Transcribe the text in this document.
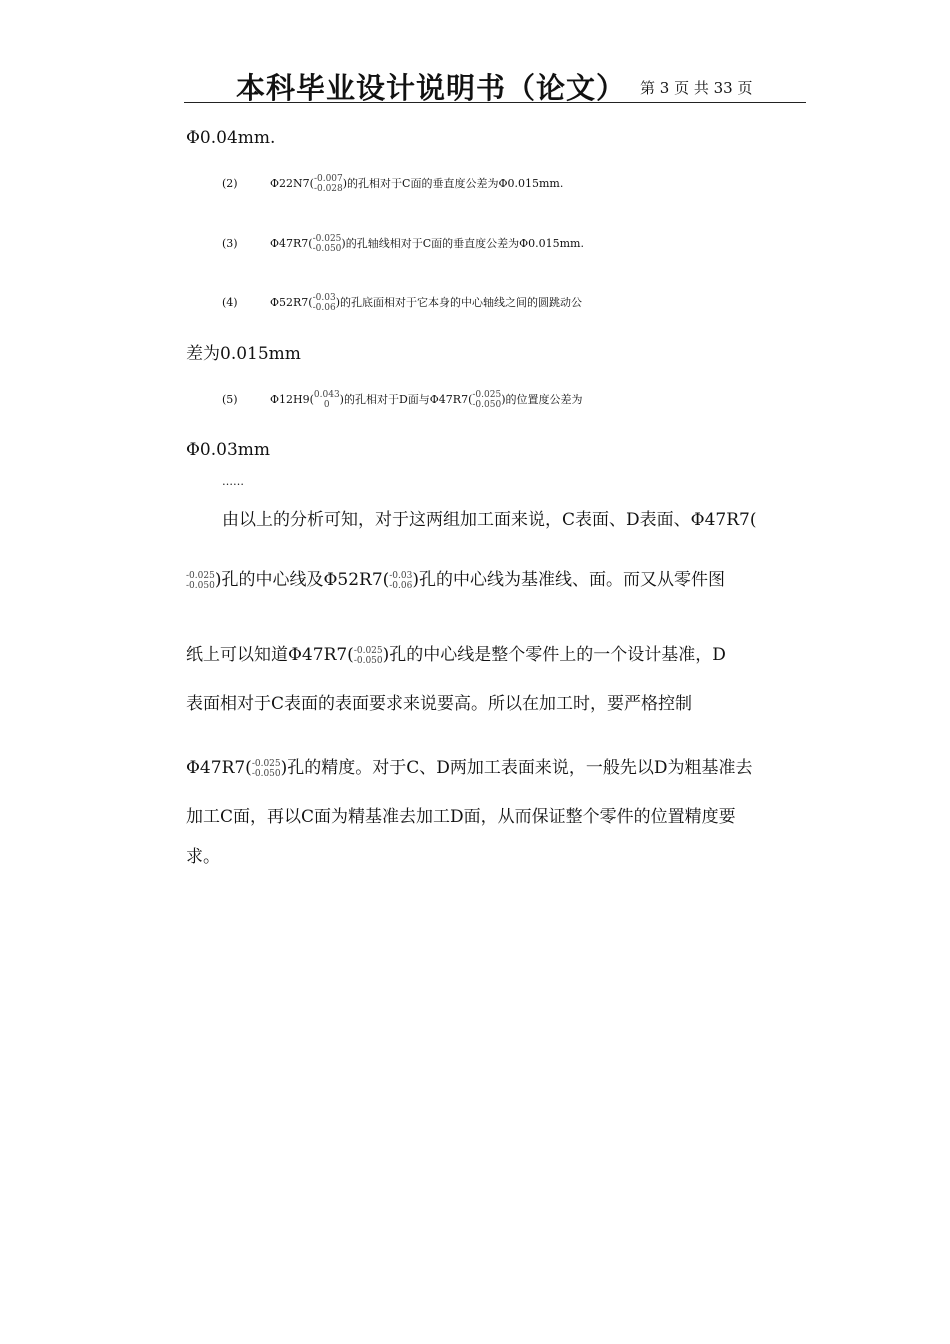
本科毕业设计说明书（论文） 第 3 页 共 33 页
Φ0.04mm.
(2)	Φ22N7( -0.007
-0.028 )的孔相对于C面的垂直度公差为Φ0.015mm.
(3)	Φ47R7( -0.025
-0.050 )的孔轴线相对于C面的垂直度公差为Φ0.015mm.
(4)	Φ52R7( -0.03
-0.06 )的孔底面相对于它本身的中心轴线之间的圆跳动公
差为0.015mm
(5)	Φ12H9( 0.043
0 )的孔相对于D面与Φ47R7( -0.025
-0.050 )的位置度公差为
Φ0.03mm
……
由以上的分析可知，对于这两组加工面来说，C表面、D表面、Φ47R7(
-0.025
-0.050 )孔的中心线及Φ52R7( -0.03
-0.06 )孔的中心线为基准线、面。而又从零件图
纸上可以知道Φ47R7( -0.025
-0.050 )孔的中心线是整个零件上的一个设计基准，D
表面相对于C表面的表面要求来说要高。所以在加工时，要严格控制
Φ47R7( -0.025
-0.050 )孔的精度。对于C、D两加工表面来说，一般先以D为粗基准去
加工C面，再以C面为精基准去加工D面，从而保证整个零件的位置精度要
求。
